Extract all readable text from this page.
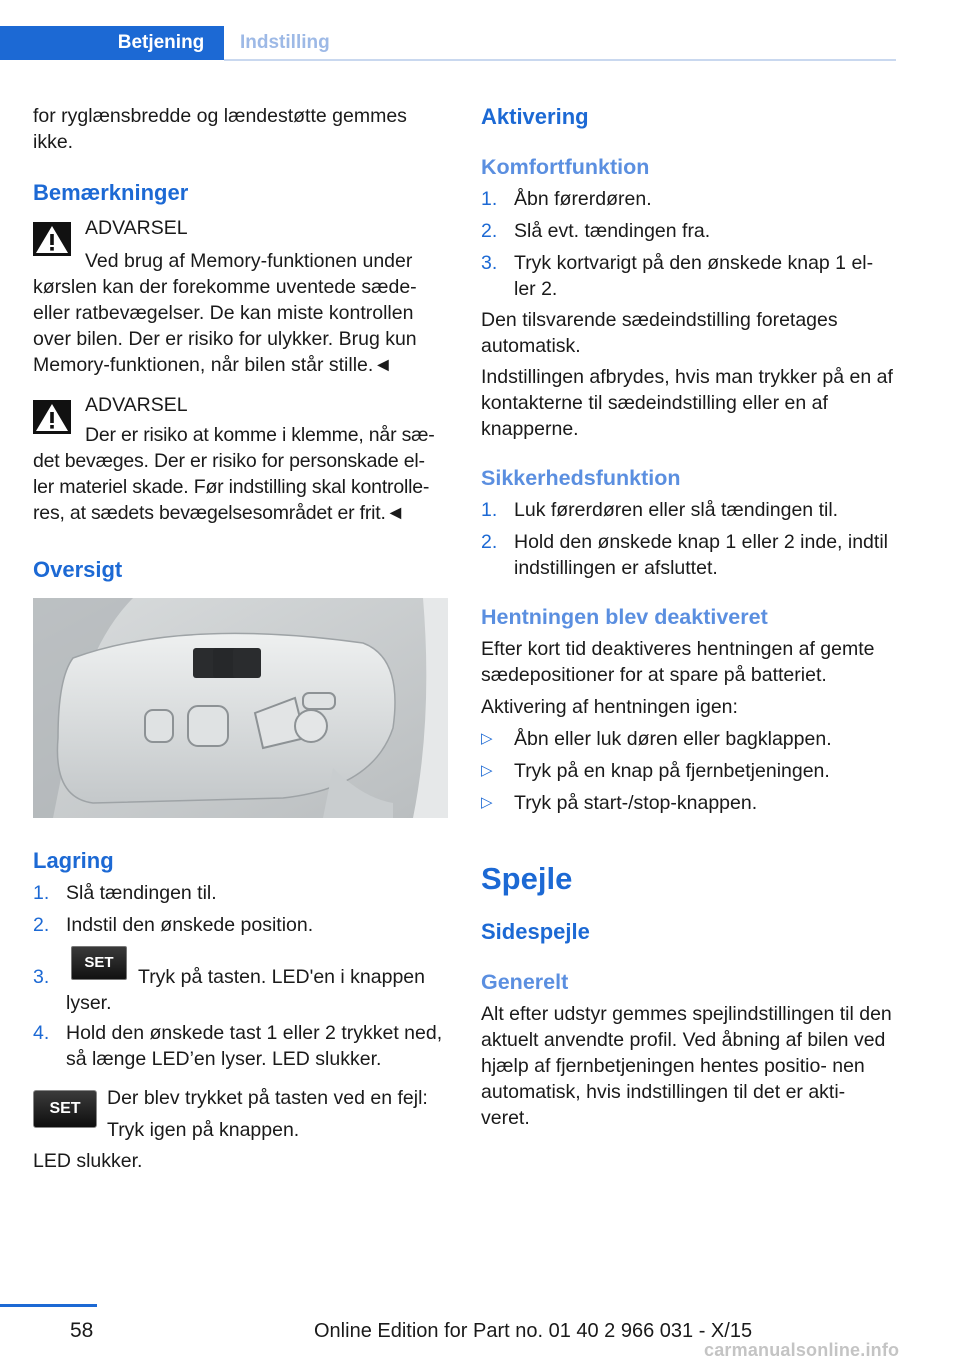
Betjening	Indstilling
for ryglænsbredde og lændestøtte gemmes ikke.
Bemærkninger
ADVARSEL
Ved brug af Memory-funktionen under kørslen kan der forekomme uventede sæde- eller ratbevægelser. De kan miste kontrollen over bilen. Der er risiko for ulykker. Brug kun Memory-funktionen, når bilen står stille.◄
ADVARSEL
Der er risiko at komme i klemme, når sæ- det bevæges. Der er risiko for personskade el- ler materiel skade. Før indstilling skal kontrolle- res, at sædets bevægelsesområdet er frit.◄
Oversigt
Lagring
1. Slå tændingen til.
2. Indstil den ønskede position.
3.
SET
Tryk på tasten. LED'en i knappen lyser.
4. Hold den ønskede tast 1 eller 2 trykket ned, så længe LED’en lyser. LED slukker.
SET	Der blev trykket på tasten ved en fejl: Tryk igen på knappen.
LED slukker.
Aktivering
Komfortfunktion
1. Åbn førerdøren.
2. Slå evt. tændingen fra.
3. Tryk kortvarigt på den ønskede knap 1 el- ler 2.
Den tilsvarende sædeindstilling foretages automatisk.
Indstillingen afbrydes, hvis man trykker på en af kontakterne til sædeindstilling eller en af knapperne.
Sikkerhedsfunktion
1. Luk førerdøren eller slå tændingen til.
2. Hold den ønskede knap 1 eller 2 inde, indtil indstillingen er afsluttet.
Hentningen blev deaktiveret
Efter kort tid deaktiveres hentningen af gemte sædepositioner for at spare på batteriet.
Aktivering af hentningen igen:
▷ Åbn eller luk døren eller bagklappen.
▷ Tryk på en knap på fjernbetjeningen.
▷ Tryk på start-/stop-knappen.
Spejle
Sidespejle
Generelt
Alt efter udstyr gemmes spejlindstillingen til den aktuelt anvendte profil. Ved åbning af bilen ved hjælp af fjernbetjeningen hentes positio- nen automatisk, hvis indstillingen til det er akti- veret.
58	Online Edition for Part no. 01 40 2 966 031 - X/15
carmanualsonline.info
